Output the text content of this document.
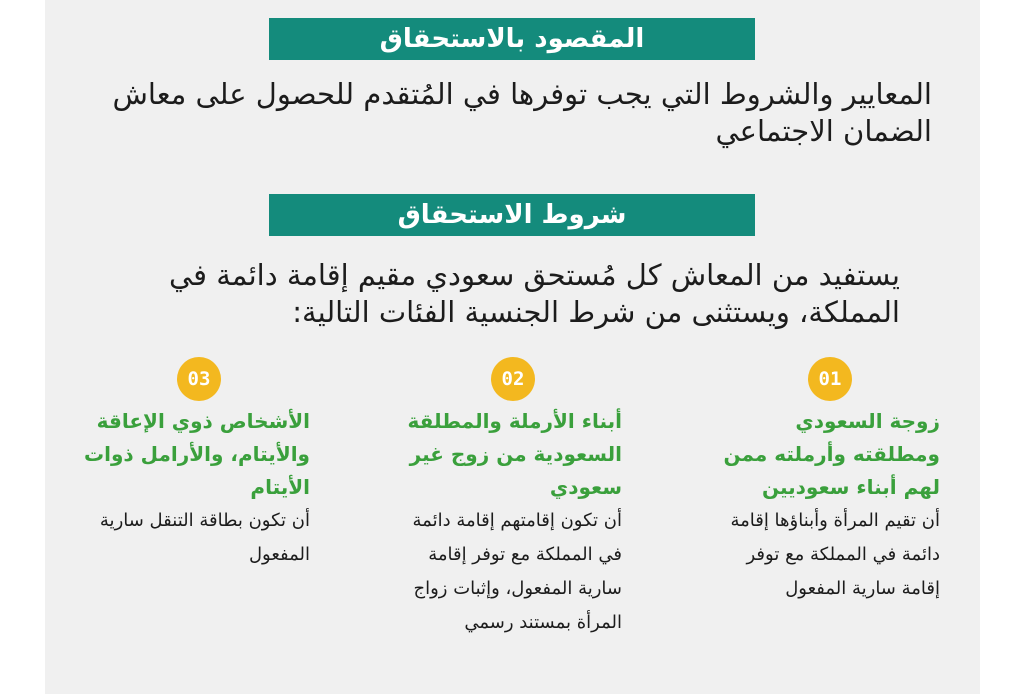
المقصود بالاستحقاق
المعايير والشروط التي يجب توفرها في المُتقدم للحصول على معاش الضمان الاجتماعي
شروط الاستحقاق
يستفيد من المعاش كل مُستحق سعودي مقيم إقامة دائمة في المملكة، ويستثنى من شرط الجنسية الفئات التالية:
01
02
03
زوجة السعودي ومطلقته وأرملته ممن لهم أبناء سعوديين
أن تقيم المرأة وأبناؤها إقامة دائمة في المملكة مع توفر إقامة سارية المفعول
أبناء الأرملة والمطلقة السعودية من زوج غير سعودي
أن تكون إقامتهم إقامة دائمة في المملكة مع توفر إقامة سارية المفعول، وإثبات زواج المرأة بمستند رسمي
الأشخاص ذوي الإعاقة والأيتام، والأرامل ذوات الأيتام
أن تكون بطاقة التنقل سارية المفعول
